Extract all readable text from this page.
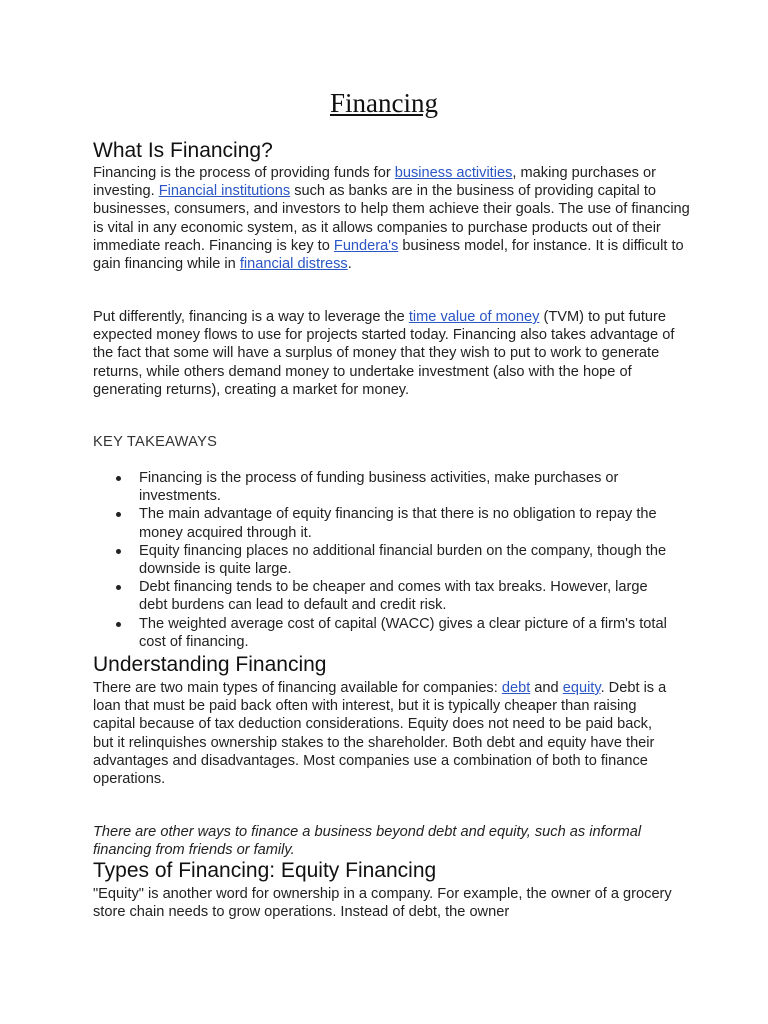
Financing
What Is Financing?

Financing is the process of providing funds for business activities, making purchases or investing. Financial institutions such as banks are in the business of providing capital to businesses, consumers, and investors to help them achieve their goals. The use of financing is vital in any economic system, as it allows companies to purchase products out of their immediate reach. Financing is key to Fundera's business model, for instance. It is difficult to gain financing while in financial distress.

Put differently, financing is a way to leverage the time value of money (TVM) to put future expected money flows to use for projects started today. Financing also takes advantage of the fact that some will have a surplus of money that they wish to put to work to generate returns, while others demand money to undertake investment (also with the hope of generating returns), creating a market for money.

KEY TAKEAWAYS
Financing is the process of funding business activities, make purchases or investments.
The main advantage of equity financing is that there is no obligation to repay the money acquired through it.
Equity financing places no additional financial burden on the company, though the downside is quite large.
Debt financing tends to be cheaper and comes with tax breaks. However, large debt burdens can lead to default and credit risk.
The weighted average cost of capital (WACC) gives a clear picture of a firm's total cost of financing.
Understanding Financing

There are two main types of financing available for companies: debt and equity. Debt is a loan that must be paid back often with interest, but it is typically cheaper than raising capital because of tax deduction considerations. Equity does not need to be paid back, but it relinquishes ownership stakes to the shareholder. Both debt and equity have their advantages and disadvantages. Most companies use a combination of both to finance operations.

There are other ways to finance a business beyond debt and equity, such as informal financing from friends or family.

Types of Financing: Equity Financing

"Equity" is another word for ownership in a company. For example, the owner of a grocery store chain needs to grow operations. Instead of debt, the owner
